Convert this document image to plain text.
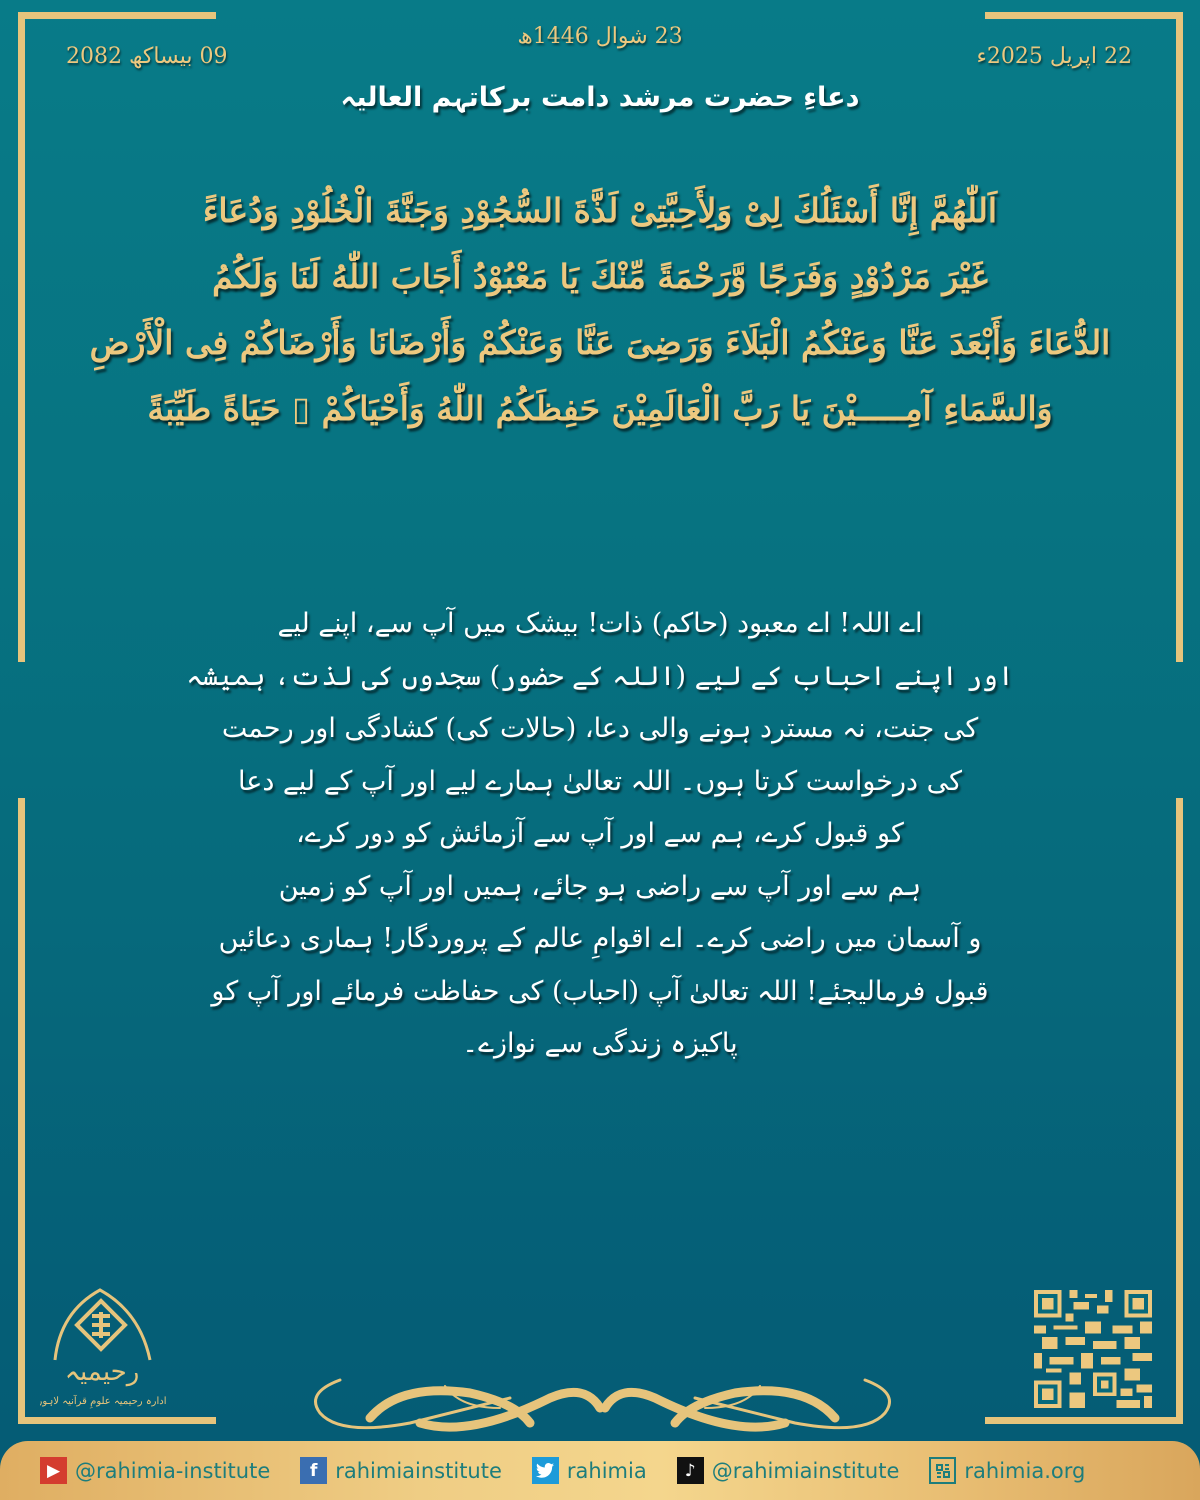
23 شوال 1446ھ
09 بیساکھ 2082	22 اپریل 2025ء
دعاءِ حضرت مرشد دامت برکاتہم العالیہ
اَللّٰهُمَّ إِنَّا أَسْئَلُكَ لِیْ وَلِأَحِبَّتِیْ لَذَّةَ السُّجُوْدِ وَجَنَّةَ الْخُلُوْدِ وَدُعَاءً
غَیْرَ مَرْدُوْدٍ وَفَرَجًا وَّرَحْمَةً مِّنْكَ یَا مَعْبُوْدُ أَجَابَ اللّٰهُ لَنَا وَلَكُمُ
الدُّعَاءَ وَأَبْعَدَ عَنَّا وَعَنْكُمُ الْبَلَاءَ وَرَضِیَ عَنَّا وَعَنْكُمْ وَأَرْضَانَا وَأَرْضَاكُمْ فِی الْأَرْضِ
وَالسَّمَاءِ آمِـــــیْنَ یَا رَبَّ الْعَالَمِیْنَ حَفِظَكُمُ اللّٰهُ وَأَحْیَاكُمْ ▯ حَیَاةً طَیِّبَةً
اے اللہ! اے معبود (حاکم) ذات! بیشک میں آپ سے، اپنے لیے
اور اپنے احباب کے لیے (اللہ کے حضور) سجدوں کی لذت، ہمیشہ
کی جنت، نہ مسترد ہونے والی دعا، (حالات کی) کشادگی اور رحمت
کی درخواست کرتا ہوں۔ اللہ تعالیٰ ہمارے لیے اور آپ کے لیے دعا
کو قبول کرے، ہم سے اور آپ سے آزمائش کو دور کرے،
ہم سے اور آپ سے راضی ہو جائے، ہمیں اور آپ کو زمین
و آسمان میں راضی کرے۔ اے اقوامِ عالم کے پروردگار! ہماری دعائیں
قبول فرمالیجئے! اللہ تعالیٰ آپ (احباب) کی حفاظت فرمائے اور آپ کو
پاکیزہ زندگی سے نوازے۔
رحیمیہ
ادارہ رحیمیہ علومِ قرآنیہ لاہور
▶ @rahimia-institute	f rahimiainstitute	rahimia	♪ @rahimiainstitute	rahimia.org
